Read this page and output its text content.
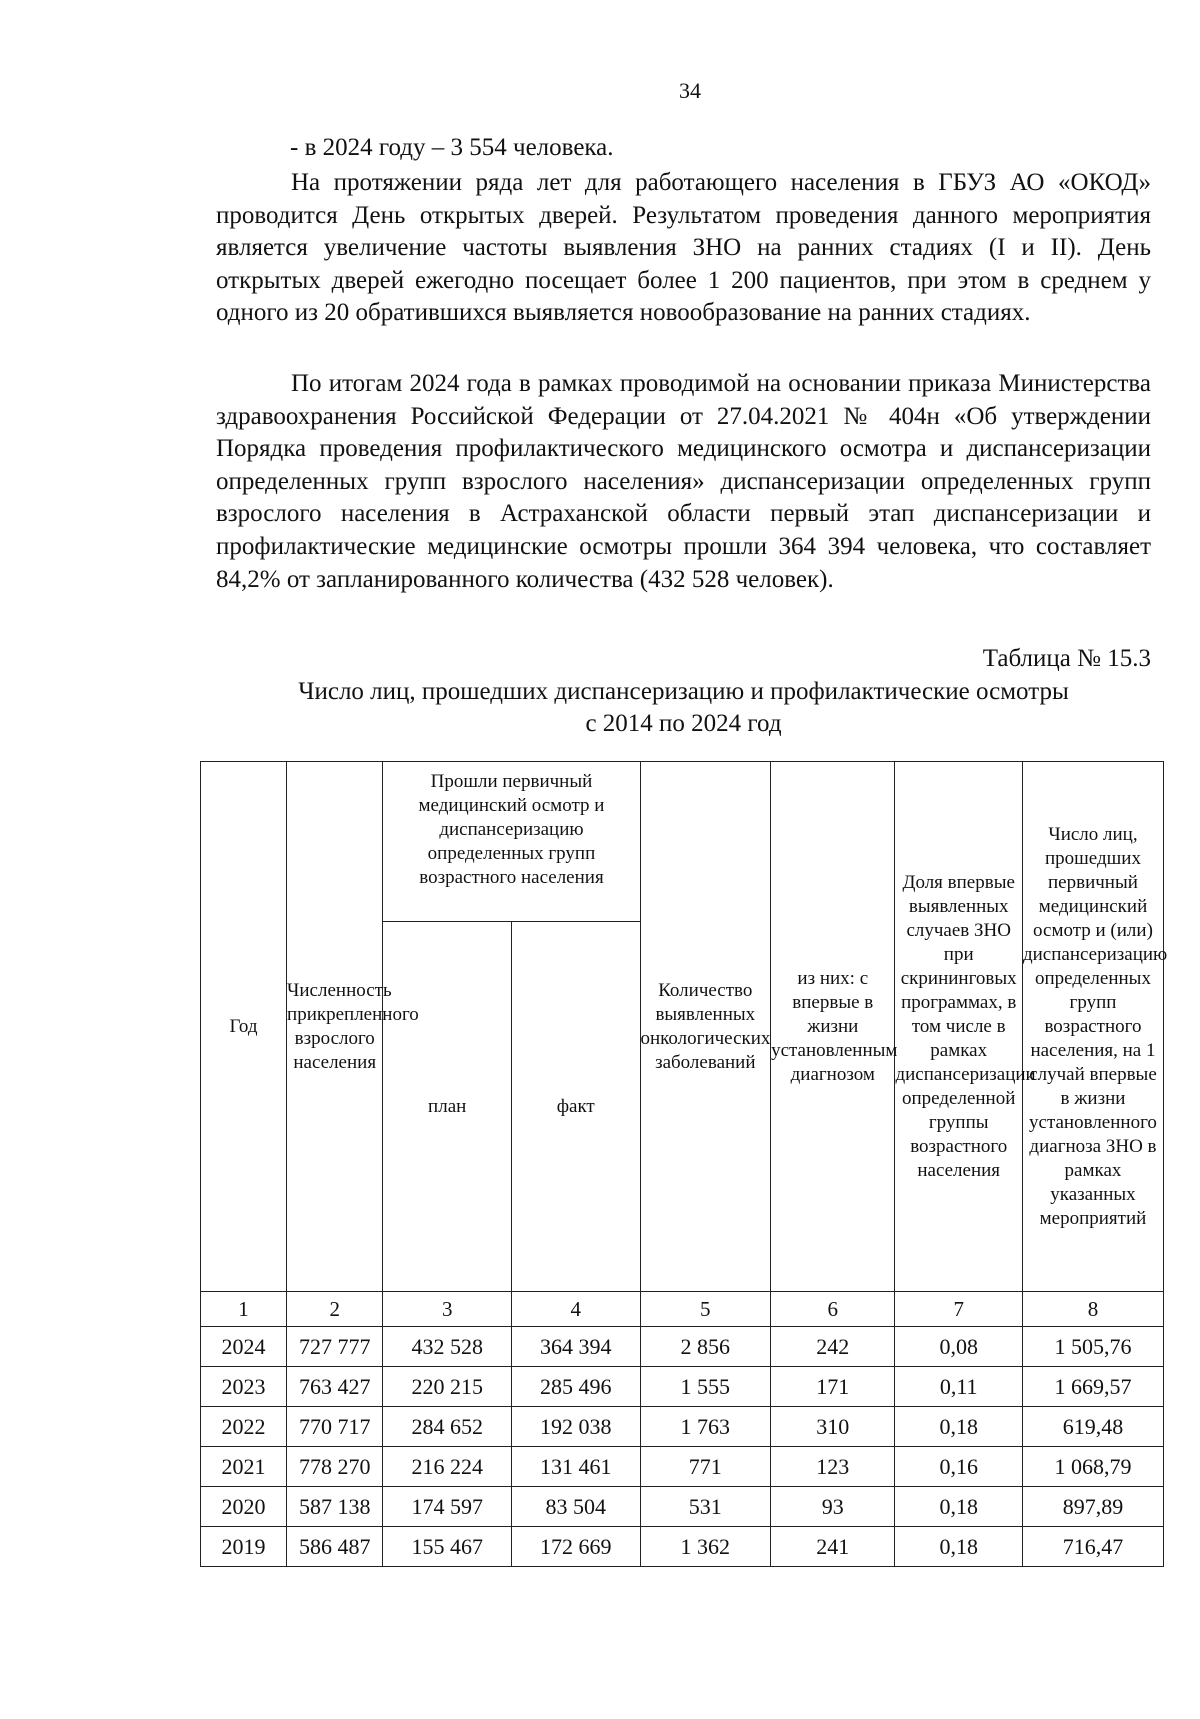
34
- в 2024 году – 3 554 человека.

На протяжении ряда лет для работающего населения в ГБУЗ АО «ОКОД» проводится День открытых дверей. Результатом проведения данного мероприятия является увеличение частоты выявления ЗНО на ранних стадиях (I и II). День открытых дверей ежегодно посещает более 1 200 пациентов, при этом в среднем у одного из 20 обратившихся выявляется новообразование на ранних стадиях.

По итогам 2024 года в рамках проводимой на основании приказа Министерства здравоохранения Российской Федерации от 27.04.2021 № 404н «Об утверждении Порядка проведения профилактического медицинского осмотра и диспансеризации определенных групп взрослого населения» диспансеризации определенных групп взрослого населения в Астраханской области первый этап диспансеризации и профилактические медицинские осмотры прошли 364 394 человека, что составляет 84,2% от запланированного количества (432 528 человек).

Таблица № 15.3
Число лиц, прошедших диспансеризацию и профилактические осмотры
с 2014 по 2024 год
Год	Численность прикрепленного взрослого населения	Прошли первичный медицинский осмотр и диспансеризацию определенных групп возрастного населения		Количество выявленных онкологических заболеваний	из них: с впервые в жизни установленным диагнозом	Доля впервые выявленных случаев ЗНО при скрининговых программах, в том числе в рамках диспансеризации определенной группы возрастного населения	Число лиц, прошедших первичный медицинский осмотр и (или) диспансеризацию определенных групп возрастного населения, на 1 случай впервые в жизни установленного диагноза ЗНО в рамках указанных мероприятий
		план	факт				
1	2	3	4	5	6	7	8
2024	727 777	432 528	364 394	2 856	242	0,08	1 505,76
2023	763 427	220 215	285 496	1 555	171	0,11	1 669,57
2022	770 717	284 652	192 038	1 763	310	0,18	619,48
2021	778 270	216 224	131 461	771	123	0,16	1 068,79
2020	587 138	174 597	83 504	531	93	0,18	897,89
2019	586 487	155 467	172 669	1 362	241	0,18	716,47
